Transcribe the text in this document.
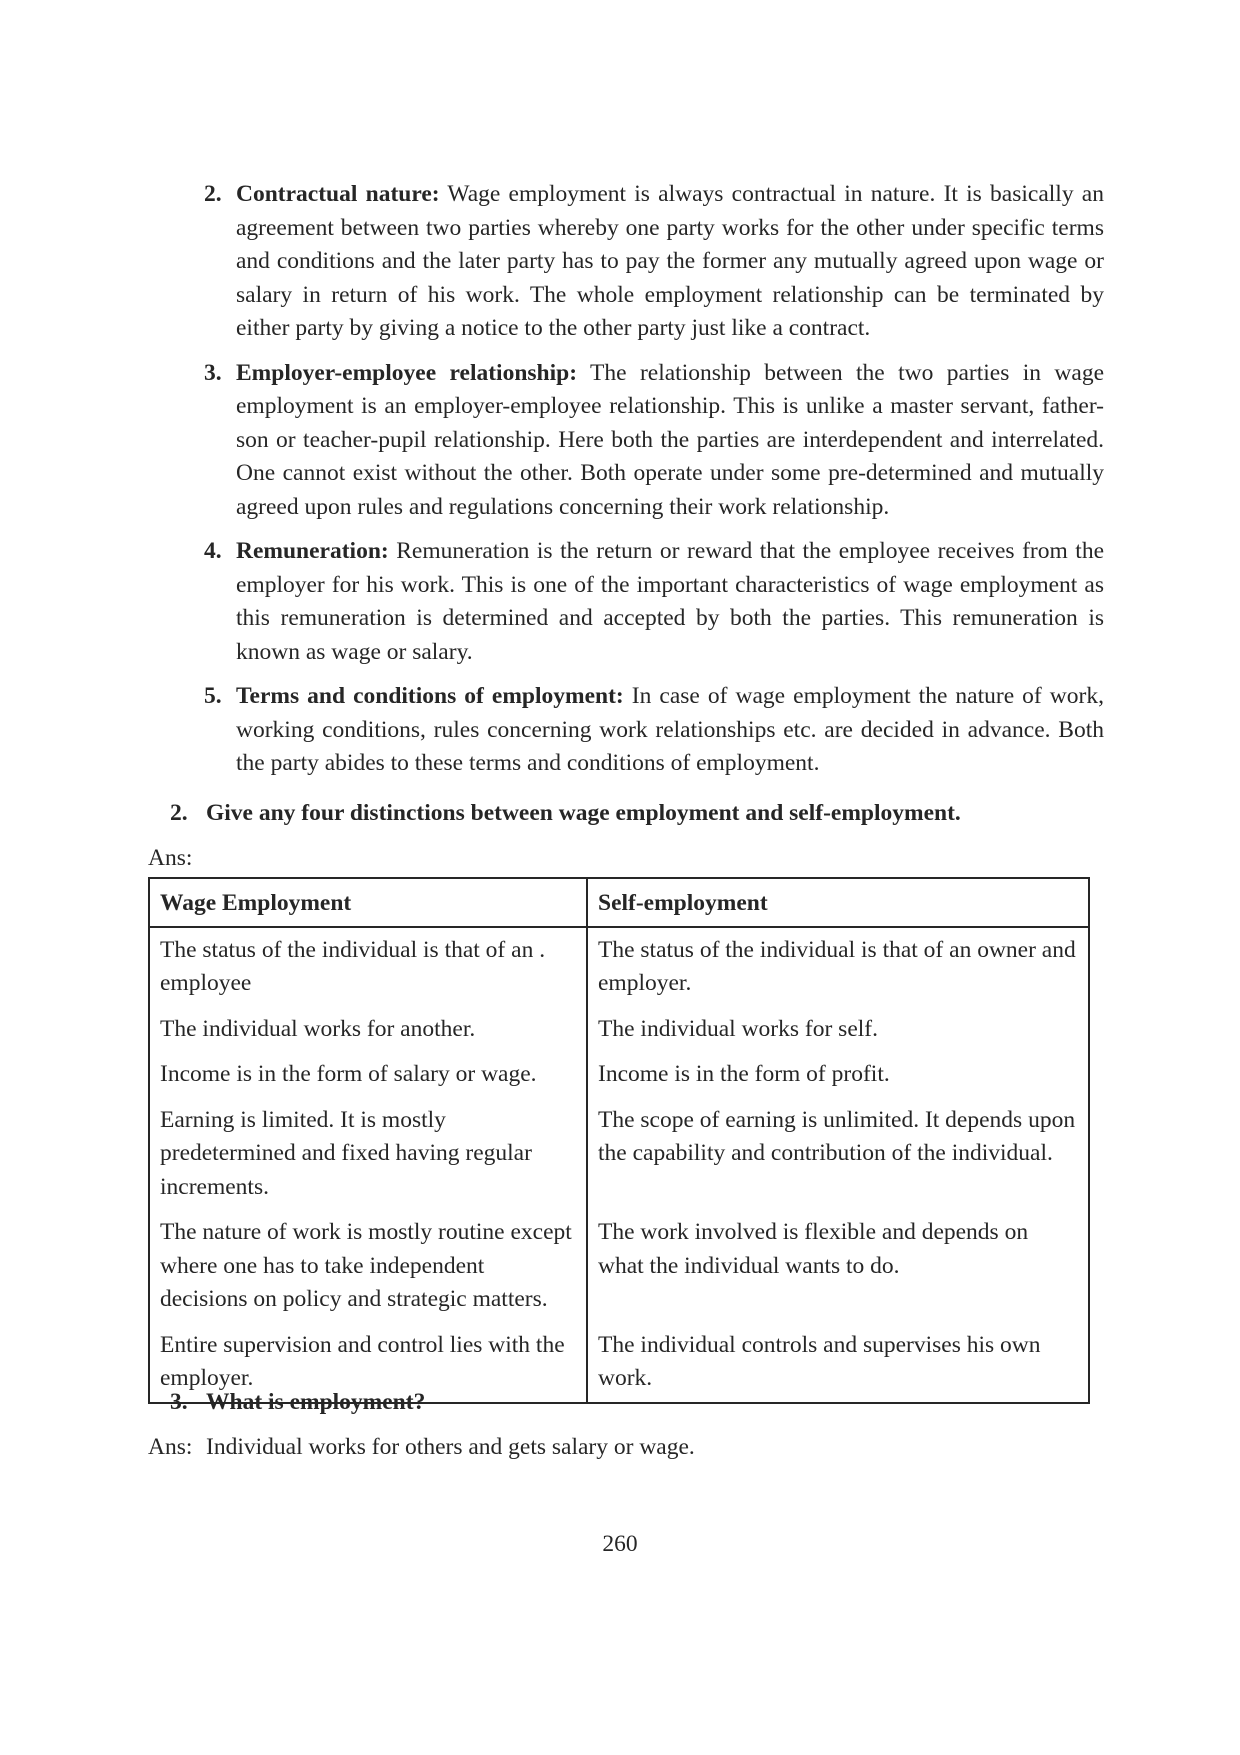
2. Contractual nature: Wage employment is always contractual in nature. It is basically an agreement between two parties whereby one party works for the other under specific terms and conditions and the later party has to pay the former any mutually agreed upon wage or salary in return of his work. The whole employment relationship can be terminated by either party by giving a notice to the other party just like a contract.
3. Employer-employee relationship: The relationship between the two parties in wage employment is an employer-employee relationship. This is unlike a master servant, father-son or teacher-pupil relationship. Here both the parties are interdependent and interrelated. One cannot exist without the other. Both operate under some pre-determined and mutually agreed upon rules and regulations concerning their work relationship.
4. Remuneration: Remuneration is the return or reward that the employee receives from the employer for his work. This is one of the important characteristics of wage employment as this remuneration is determined and accepted by both the parties. This remuneration is known as wage or salary.
5. Terms and conditions of employment: In case of wage employment the nature of work, working conditions, rules concerning work relationships etc. are decided in advance. Both the party abides to these terms and conditions of employment.
2. Give any four distinctions between wage employment and self-employment.
Ans:
Wage Employment	Self-employment
The status of the individual is that of an . employee	The status of the individual is that of an owner and employer.
The individual works for another.	The individual works for self.
Income is in the form of salary or wage.	Income is in the form of profit.
Earning is limited. It is mostly predetermined and fixed having regular increments.	The scope of earning is unlimited. It depends upon the capability and contribution of the individual.
The nature of work is mostly routine except where one has to take independent decisions on policy and strategic matters.	The work involved is flexible and depends on what the individual wants to do.
Entire supervision and control lies with the employer.	The individual controls and supervises his own work.
3. What is employment?
Ans: Individual works for others and gets salary or wage.
260
